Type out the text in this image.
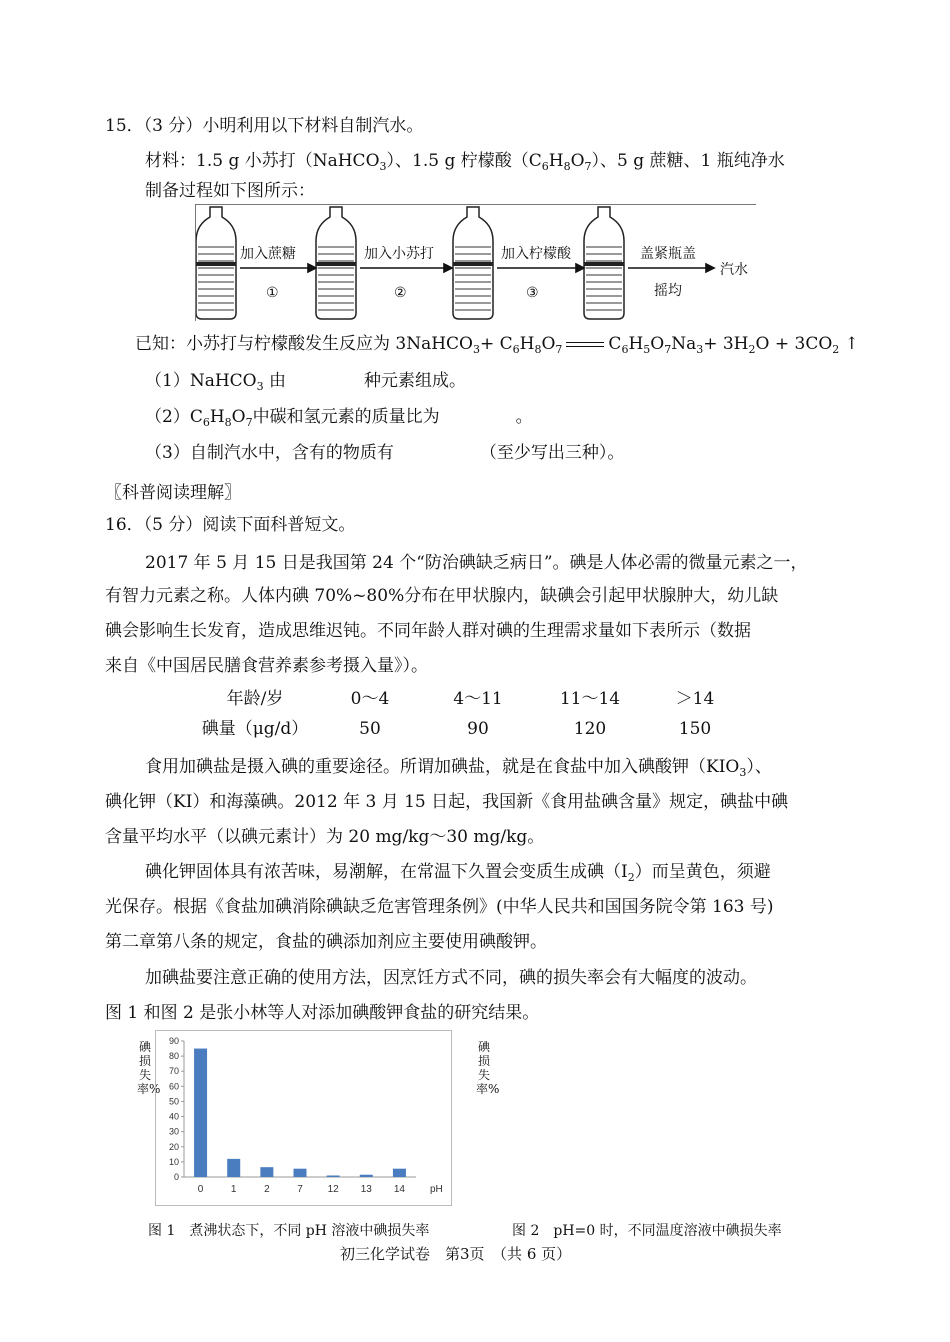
15．（3 分）小明利用以下材料自制汽水。
材料：1.5 g 小苏打（NaHCO$_3$）、1.5 g 柠檬酸$(C_6H_8O_7)$、5 g 蔗糖、1 瓶纯净水
制备过程如下图所示：
加入蔗糖
①
加入小苏打
②
加入柠檬酸
③
盖紧瓶盖
摇均
汽水
已知：小苏打与柠檬酸发生反应为 3NaHCO$_3$+ $C_6H_8O_7$	$C_6H_5O_7Na_3+ 3H_2O + 3CO_2$ ↑
（1）NaHCO$_3$ 由	种元素组成。
$(2)C_6H_8O_7$中碳和氢元素的质量比为	。
（3）自制汽水中，含有的物质有	（至少写出三种）。
〖科普阅读理解〗
16．（5 分）阅读下面科普短文。
2017 年 5 月 15 日是我国第 24 个“防治碘缺乏病日”。碘是人体必需的微量元素之一，
有智力元素之称。人体内碘 70%~80%分布在甲状腺内，缺碘会引起甲状腺肿大，幼儿缺
碘会影响生长发育，造成思维迟钝。不同年龄人群对碘的生理需求量如下表所示（数据
来自《中国居民膳食营养素参考摄入量》）。
年龄/岁	0～4	4～11	11～14	＞14
碘量（μg/d）	50	90	120	150
食用加碘盐是摄入碘的重要途径。所谓加碘盐，就是在食盐中加入碘酸钾$(KIO_3)$、
碘化钾（KI）和海藻碘。2012 年 3 月 15 日起，我国新《食用盐碘含量》规定，碘盐中碘
含量平均水平（以碘元素计）为 20 mg/kg～30 mg/kg。
碘化钾固体具有浓苦味，易潮解，在常温下久置会变质生成碘$(I_2)$而呈黄色，须避
光保存。根据《食盐加碘消除碘缺乏危害管理条例》(中华人民共和国国务院令第 163 号)
第二章第八条的规定，食盐的碘添加剂应主要使用碘酸钾。
加碘盐要注意正确的使用方法，因烹饪方式不同，碘的损失率会有大幅度的波动。
图 1 和图 2 是张小林等人对添加碘酸钾食盐的研究结果。
碘损失率%
0
10
20
30
40
50
60
70
80
90
0	1	2	7 12 13 14	pH
碘损失率%
图 1　煮沸状态下，不同 pH 溶液中碘损失率	图 2　pH=0 时，不同温度溶液中碘损失率
初三化学试卷　第3页　（共 6 页）
